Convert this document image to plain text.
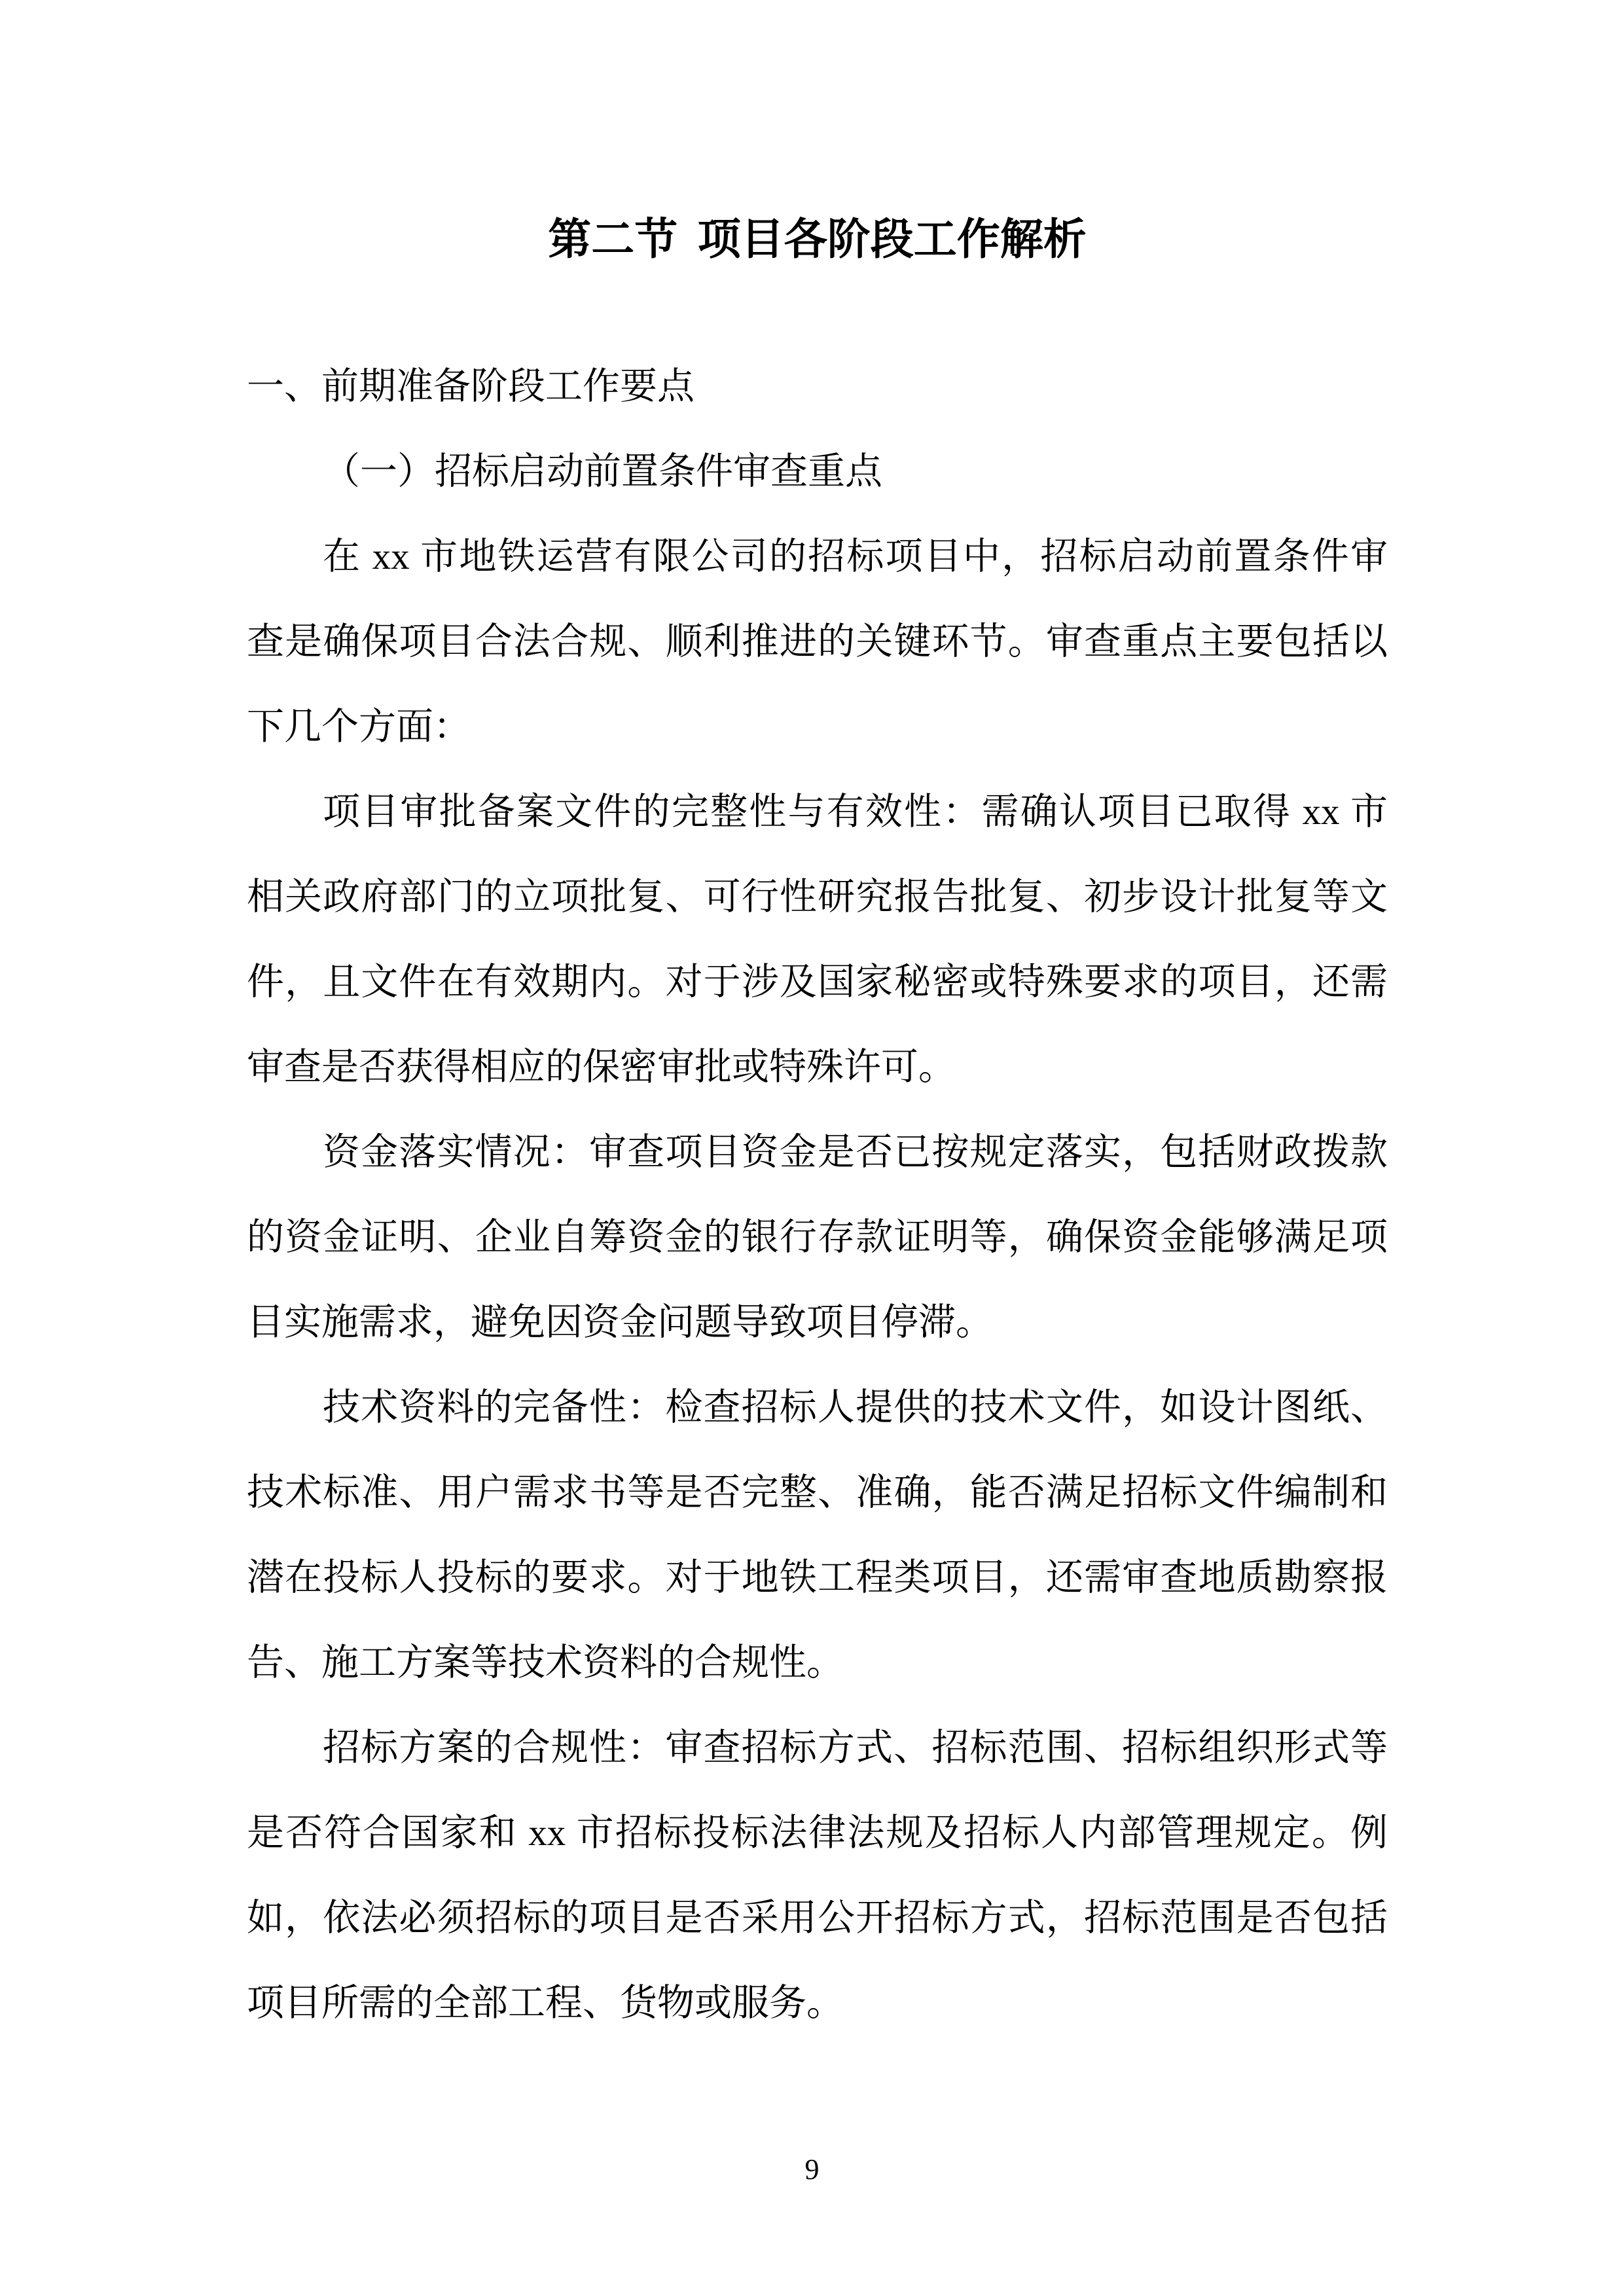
第二节 项目各阶段工作解析
一、前期准备阶段工作要点
（一）招标启动前置条件审查重点
在 xx 市地铁运营有限公司的招标项目中，招标启动前置条件审
查是确保项目合法合规、顺利推进的关键环节。审查重点主要包括以
下几个方面：
项目审批备案文件的完整性与有效性：需确认项目已取得 xx 市
相关政府部门的立项批复、可行性研究报告批复、初步设计批复等文
件，且文件在有效期内。对于涉及国家秘密或特殊要求的项目，还需
审查是否获得相应的保密审批或特殊许可。
资金落实情况：审查项目资金是否已按规定落实，包括财政拨款
的资金证明、企业自筹资金的银行存款证明等，确保资金能够满足项
目实施需求，避免因资金问题导致项目停滞。
技术资料的完备性：检查招标人提供的技术文件，如设计图纸、
技术标准、用户需求书等是否完整、准确，能否满足招标文件编制和
潜在投标人投标的要求。对于地铁工程类项目，还需审查地质勘察报
告、施工方案等技术资料的合规性。
招标方案的合规性：审查招标方式、招标范围、招标组织形式等
是否符合国家和 xx 市招标投标法律法规及招标人内部管理规定。例
如，依法必须招标的项目是否采用公开招标方式，招标范围是否包括
项目所需的全部工程、货物或服务。
9
